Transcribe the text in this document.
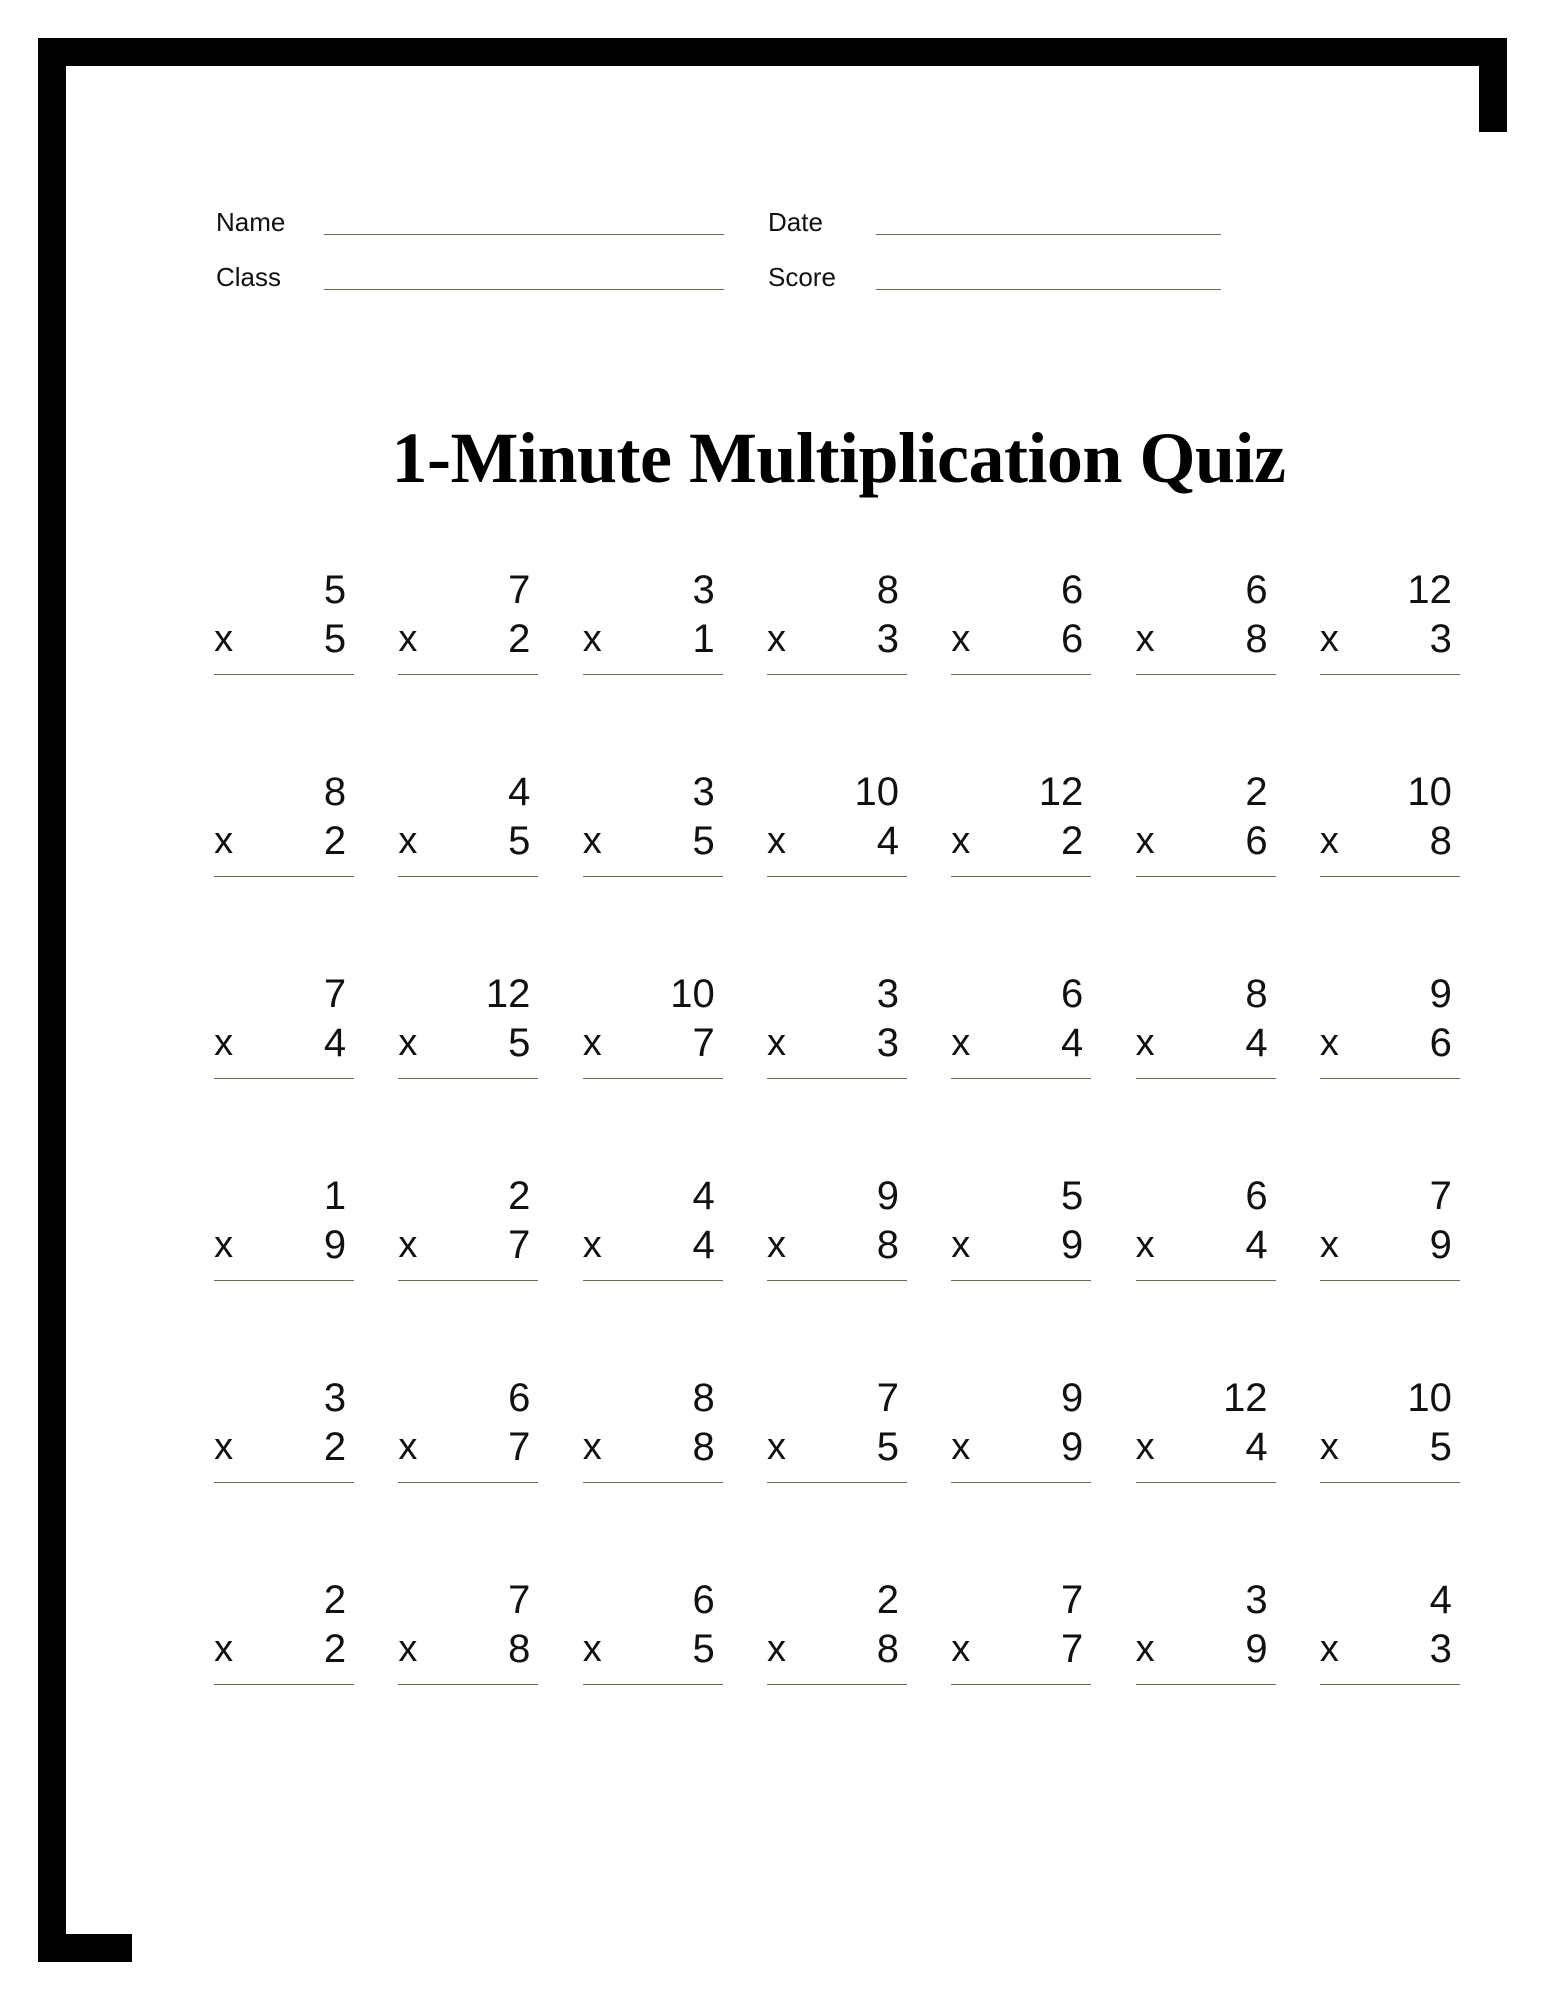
Name	Date
Class	Score
1-Minute Multiplication Quiz
5
x	5
7
x	2
3
x	1
8
x	3
6
x	6
6
x	8
12
x	3
8
x	2
4
x	5
3
x	5
10
x	4
12
x	2
2
x	6
10
x	8
7
x	4
12
x	5
10
x	7
3
x	3
6
x	4
8
x	4
9
x	6
1
x	9
2
x	7
4
x	4
9
x	8
5
x	9
6
x	4
7
x	9
3
x	2
6
x	7
8
x	8
7
x	5
9
x	9
12
x	4
10
x	5
2
x	2
7
x	8
6
x	5
2
x	8
7
x	7
3
x	9
4
x	3
